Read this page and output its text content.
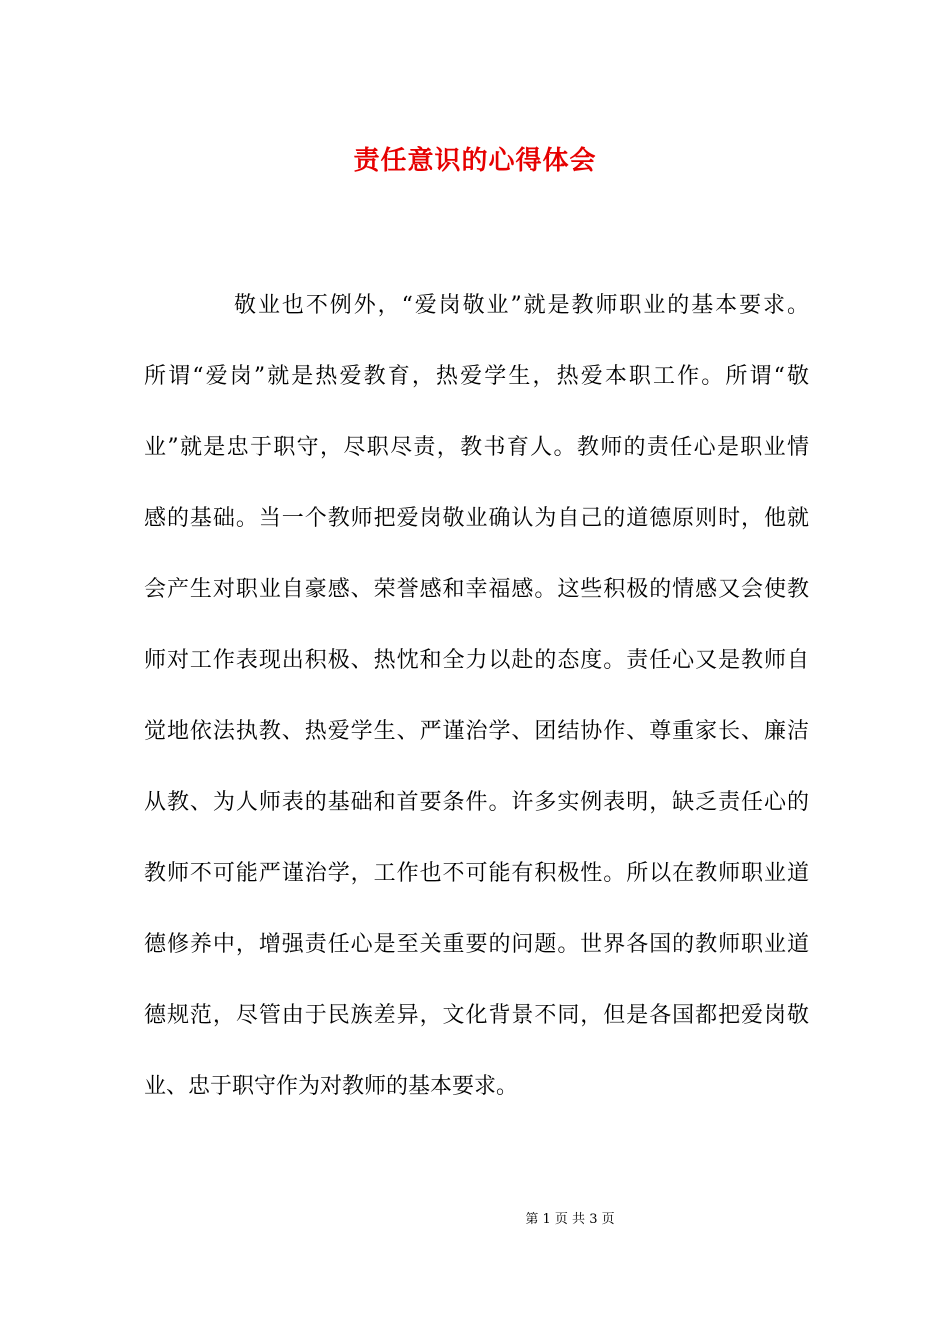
责任意识的心得体会
敬业也不例外，“爱岗敬业”就是教师职业的基本要求。
所谓“爱岗”就是热爱教育，热爱学生，热爱本职工作。所谓“敬
业”就是忠于职守，尽职尽责，教书育人。教师的责任心是职业情
感的基础。当一个教师把爱岗敬业确认为自己的道德原则时，他就
会产生对职业自豪感、荣誉感和幸福感。这些积极的情感又会使教
师对工作表现出积极、热忱和全力以赴的态度。责任心又是教师自
觉地依法执教、热爱学生、严谨治学、团结协作、尊重家长、廉洁
从教、为人师表的基础和首要条件。许多实例表明，缺乏责任心的
教师不可能严谨治学，工作也不可能有积极性。所以在教师职业道
德修养中，增强责任心是至关重要的问题。世界各国的教师职业道
德规范，尽管由于民族差异，文化背景不同，但是各国都把爱岗敬
业、忠于职守作为对教师的基本要求。
第 1 页 共 3 页
